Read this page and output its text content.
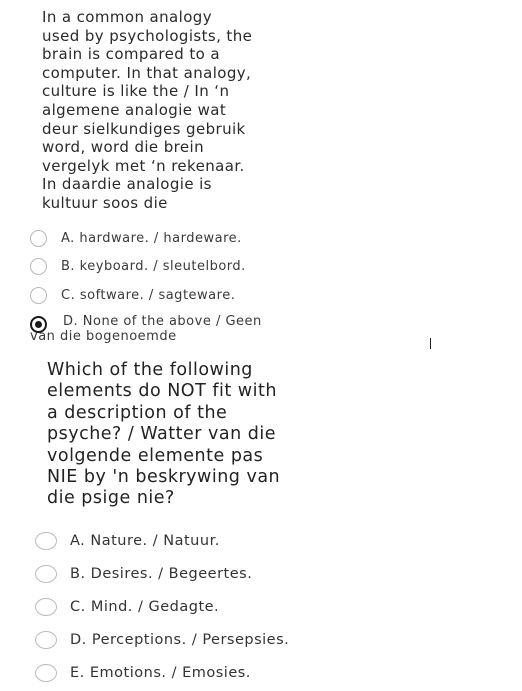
In a common analogy
used by psychologists, the
brain is compared to a
computer. In that analogy,
culture is like the / In ‘n
algemene analogie wat
deur sielkundiges gebruik
word, word die brein
vergelyk met ‘n rekenaar.
In daardie analogie is
kultuur soos die
A. hardware. / hardeware.
B. keyboard. / sleutelbord.
C. software. / sagteware.
D. None of the above / Geen
van die bogenoemde
Which of the following
elements do NOT fit with
a description of the
psyche? / Watter van die
volgende elemente pas
NIE by 'n beskrywing van
die psige nie?
A. Nature. / Natuur.
B. Desires. / Begeertes.
C. Mind. / Gedagte.
D. Perceptions. / Persepsies.
E. Emotions. / Emosies.
